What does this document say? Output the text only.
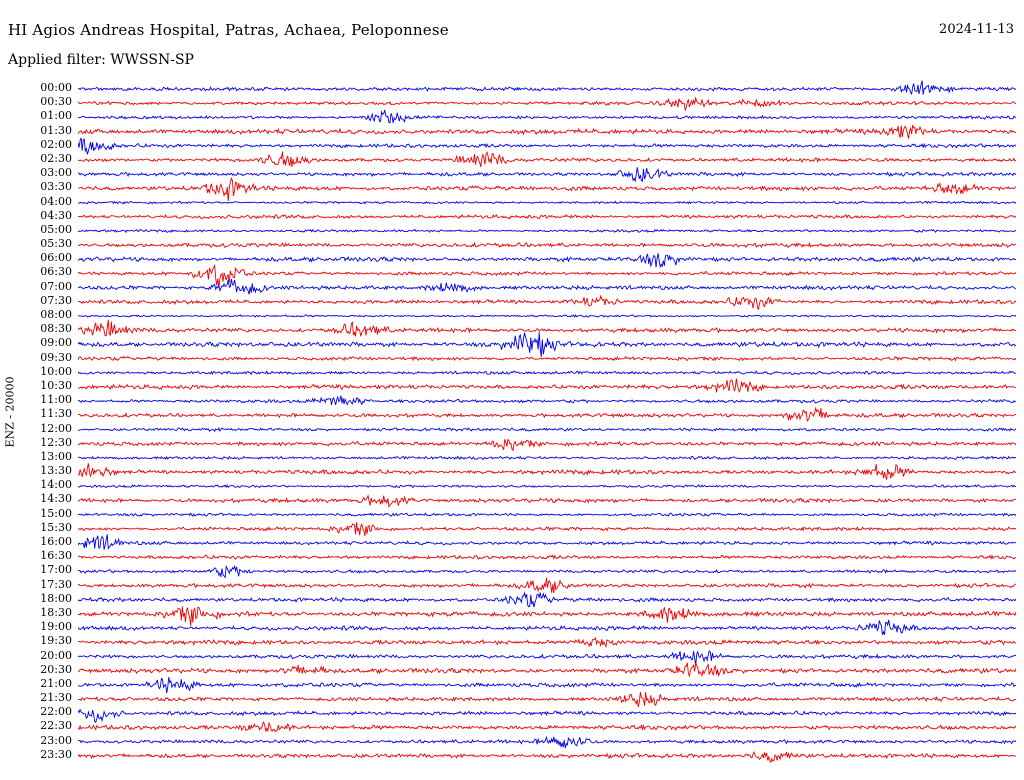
HI Agios Andreas Hospital, Patras, Achaea, Peloponnese	2024-11-13
Applied filter: WWSSN-SP
ENZ - 20000
00:00
00:30
01:00
01:30
02:00
02:30
03:00
03:30
04:00
04:30
05:00
05:30
06:00
06:30
07:00
07:30
08:00
08:30
09:00
09:30
10:00
10:30
11:00
11:30
12:00
12:30
13:00
13:30
14:00
14:30
15:00
15:30
16:00
16:30
17:00
17:30
18:00
18:30
19:00
19:30
20:00
20:30
21:00
21:30
22:00
22:30
23:00
23:30
